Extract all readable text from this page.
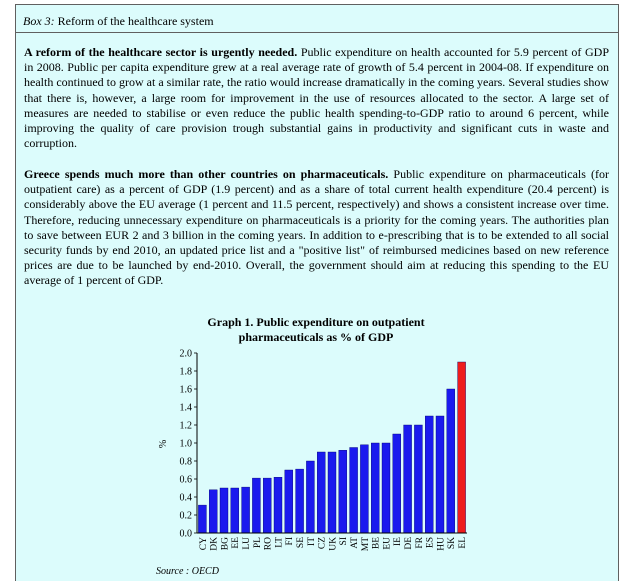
Box 3: Reform of the healthcare system

A reform of the healthcare sector is urgently needed. Public expenditure on health accounted for 5.9 percent of GDP in 2008. Public per capita expenditure grew at a real average rate of growth of 5.4 percent in 2004-08. If expenditure on health continued to grow at a similar rate, the ratio would increase dramatically in the coming years. Several studies show that there is, however, a large room for improvement in the use of resources allocated to the sector. A large set of measures are needed to stabilise or even reduce the public health spending-to-GDP ratio to around 6 percent, while improving the quality of care provision trough substantial gains in productivity and significant cuts in waste and corruption.

Greece spends much more than other countries on pharmaceuticals. Public expenditure on pharmaceuticals (for outpatient care) as a percent of GDP (1.9 percent) and as a share of total current health expenditure (20.4 percent) is considerably above the EU average (1 percent and 11.5 percent, respectively) and shows a consistent increase over time. Therefore, reducing unnecessary expenditure on pharmaceuticals is a priority for the coming years. The authorities plan to save between EUR 2 and 3 billion in the coming years. In addition to e-prescribing that is to be extended to all social security funds by end 2010, an updated price list and a "positive list" of reimbursed medicines based on new reference prices are due to be launched by end-2010. Overall, the government should aim at reducing this spending to the EU average of 1 percent of GDP.

Graph 1. Public expenditure on outpatient pharmaceuticals as % of GDP
0.0
0.2
0.4
0.6
0.8
1.0
1.2
1.4
1.6
1.8
2.0
%
CY DK BG EE LU PL RO LT FI SE IT CZ UK SI AT MT BE EU IE DE FR ES HU SK EL
Source : OECD
